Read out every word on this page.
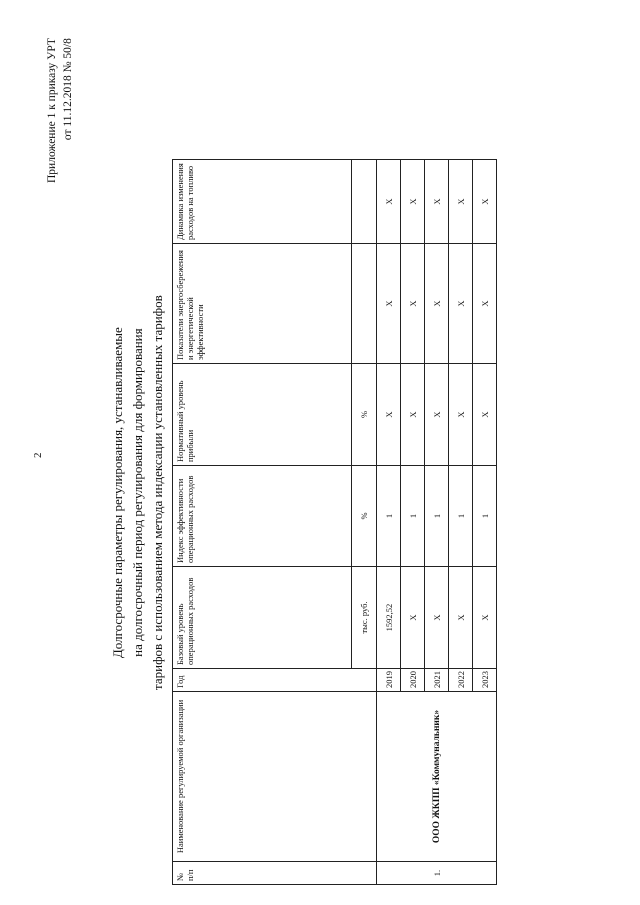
Приложение 1 к приказу УРТ от 11.12.2018 № 50/8
2	Долгосрочные параметры регулирования, устанавливаемые на долгосрочный период регулирования для формирования тарифов с использованием метода индексации установленных тарифов
№ п/п	Наименование регулируемой организации	Год	Базовый уровень операционных расходов	Индекс эффективности операционных расходов	Нормативный уровень прибыли	Показатели энергосбережения и энергетической эффективности	Динамика изменения расходов на топливо
			тыс. руб.	%	%		
1.	ООО ЖКПП «Коммунальник»	2019	1592,52	1	Х	Х	Х
		2020	Х	1	Х	Х	Х
		2021	Х	1	Х	Х	Х
		2022	Х	1	Х	Х	Х
		2023	Х	1	Х	Х	Х
